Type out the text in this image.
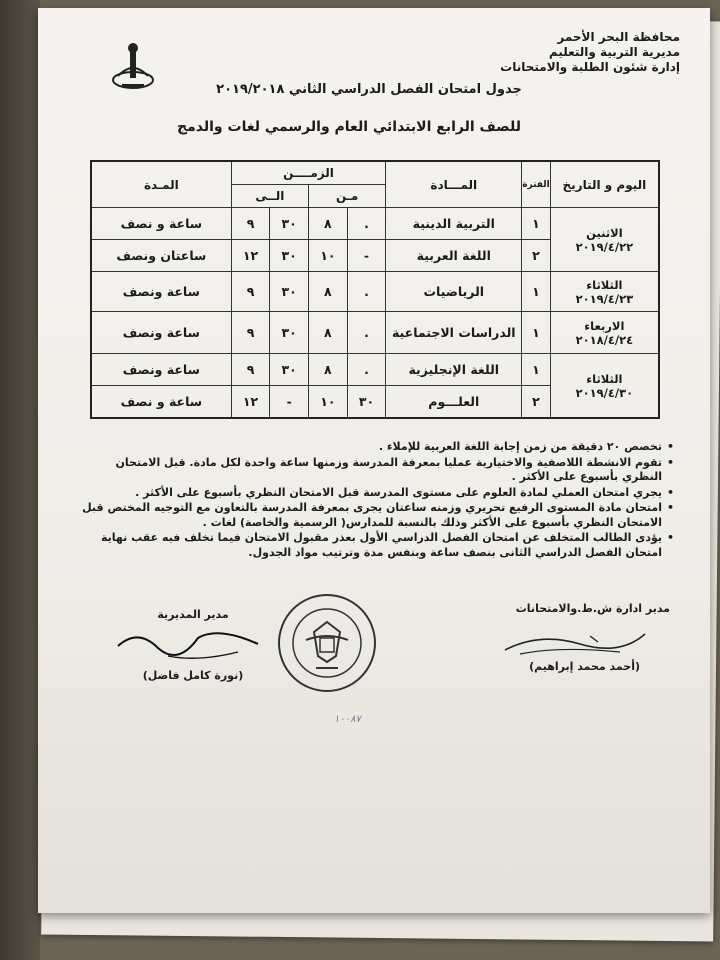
محافظة البحر الأحمر
مديرية التربية والتعليم
إدارة شئون الطلبة والامتحانات
جدول امتحان الفصل الدراسي الثاني ٢٠١٩/٢٠١٨
للصف الرابع الابتدائي العام والرسمي لغات والدمج
اليوم و التاريخ	الفترة	المـــادة	الزمــــن				المـدة
			مـن		الــى		

الاثنين
٢٠١٩/٤/٢٢	١	التربية الدينية	.	٨	٣٠	٩	ساعة و نصف
	٢	اللغة العربية	-	١٠	٣٠	١٢	ساعتان ونصف

الثلاثاء
٢٠١٩/٤/٢٣	١	الرياضيات	.	٨	٣٠	٩	ساعة ونصف

الاربعاء
٢٠١٨/٤/٢٤	١	الدراسات الاجتماعية	.	٨	٣٠	٩	ساعة ونصف

الثلاثاء
٢٠١٩/٤/٣٠	١	اللغة الإنجليزية	.	٨	٣٠	٩	ساعة ونصف
	٢	العلـــوم	٣٠	١٠	-	١٢	ساعة و نصف
• تخصص ٢٠ دقيقة من زمن إجابة اللغة العربية للإملاء .
• تقوم الانشطة اللاصفية والاختيارية عمليا بمعرفة المدرسة وزمنها ساعة واحدة لكل مادة. قبل الامتحان النظري بأسبوع على الأكثر .
• يجري امتحان العملي لمادة العلوم على مستوى المدرسة قبل الامتحان النظري بأسبوع على الأكثر .
• امتحان مادة المستوى الرفيع تحريري وزمنه ساعتان يجرى بمعرفة المدرسة بالتعاون مع التوجيه المختص قبل الامتحان النظري بأسبوع على الأكثر وذلك بالنسبة للمدارس( الرسمية والخاصة) لغات .
• يؤدى الطالب المتخلف عن امتحان الفصل الدراسي الأول بعذر مقبول الامتحان فيما تخلف فيه عقب نهاية امتحان الفصل الدراسي الثانى بنصف ساعة وبنفس مدة وترتيب مواد الجدول.
مدير ادارة ش.ط.والامتحانات
(أحمد محمد إبراهيم)
مدير المديرية
(نورة كامل فاضل)
١٠٠٨٧
